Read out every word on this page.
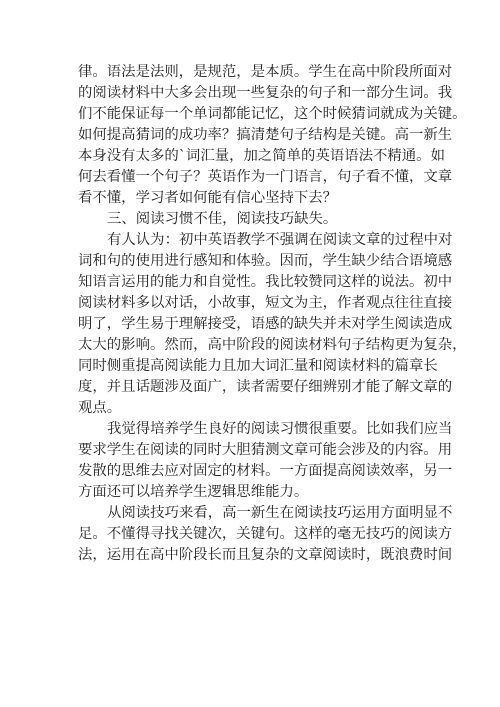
律。语法是法则，是规范，是本质。学生在高中阶段所面对
的阅读材料中大多会出现一些复杂的句子和一部分生词。我
们不能保证每一个单词都能记忆，这个时候猜词就成为关键。
如何提高猜词的成功率？搞清楚句子结构是关键。高一新生
本身没有太多的`词汇量，加之简单的英语语法不精通。如
何去看懂一个句子？英语作为一门语言，句子看不懂，文章
看不懂，学习者如何能有信心坚持下去？
三、阅读习惯不佳，阅读技巧缺失。
有人认为：初中英语教学不强调在阅读文章的过程中对
词和句的使用进行感知和体验。因而，学生缺少结合语境感
知语言运用的能力和自觉性。我比较赞同这样的说法。初中
阅读材料多以对话，小故事，短文为主，作者观点往往直接
明了，学生易于理解接受，语感的缺失并未对学生阅读造成
太大的影响。然而，高中阶段的阅读材料句子结构更为复杂，
同时侧重提高阅读能力且加大词汇量和阅读材料的篇章长
度，并且话题涉及面广，读者需要仔细辨别才能了解文章的
观点。
我觉得培养学生良好的阅读习惯很重要。比如我们应当
要求学生在阅读的同时大胆猜测文章可能会涉及的内容。用
发散的思维去应对固定的材料。一方面提高阅读效率，另一
方面还可以培养学生逻辑思维能力。
从阅读技巧来看，高一新生在阅读技巧运用方面明显不
足。不懂得寻找关键次，关键句。这样的毫无技巧的阅读方
法，运用在高中阶段长而且复杂的文章阅读时，既浪费时间
